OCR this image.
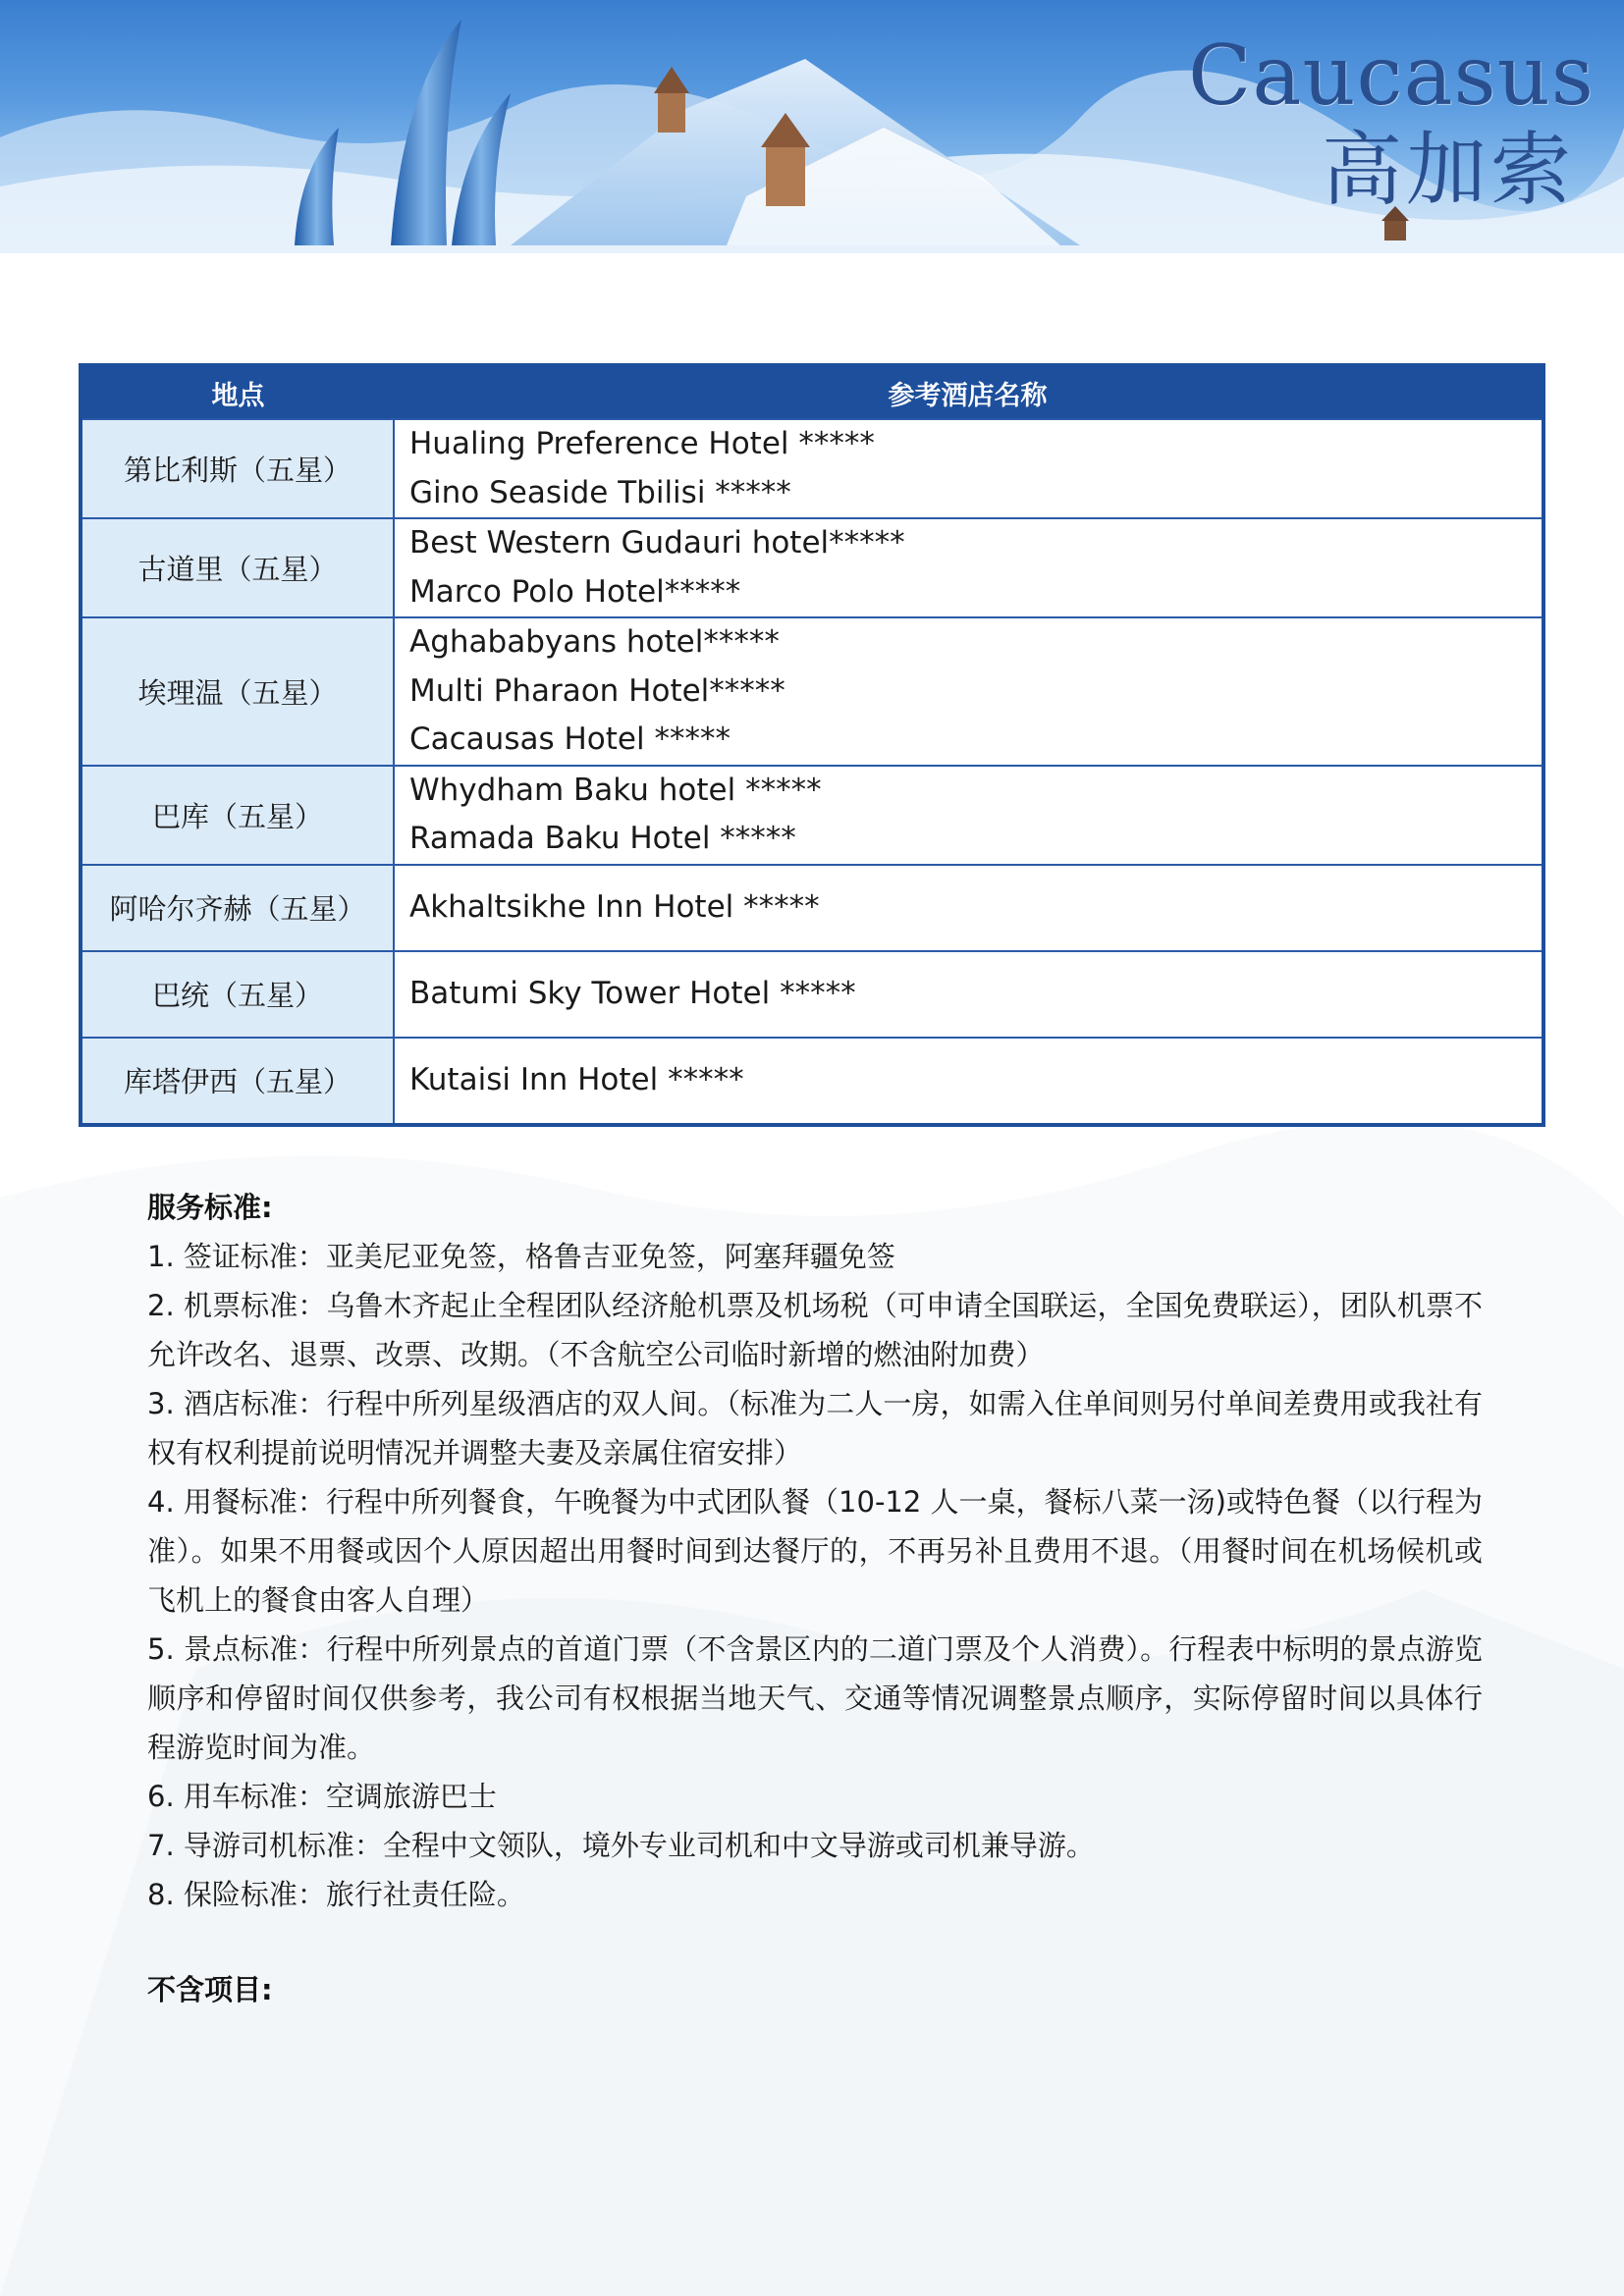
Caucasus
高加索
地点	参考酒店名称
第比利斯（五星）	Hualing Preference Hotel *****
Gino Seaside Tbilisi *****

古道里（五星）	Best Western Gudauri hotel*****
Marco Polo Hotel*****

埃理温（五星）	Aghababyans hotel*****
Multi Pharaon Hotel*****
Cacausas Hotel *****

巴库（五星）	Whydham Baku hotel *****
Ramada Baku Hotel *****

阿哈尔齐赫（五星）	Akhaltsikhe Inn Hotel *****

巴统（五星）	Batumi Sky Tower Hotel *****

库塔伊西（五星）	Kutaisi Inn Hotel *****
服务标准:
1. 签证标准：亚美尼亚免签，格鲁吉亚免签，阿塞拜疆免签
2. 机票标准：乌鲁木齐起止全程团队经济舱机票及机场税（可申请全国联运，全国免费联运），团队机票不允许改名、退票、改票、改期。（不含航空公司临时新增的燃油附加费）
3. 酒店标准：行程中所列星级酒店的双人间。（标准为二人一房，如需入住单间则另付单间差费用或我社有权有权利提前说明情况并调整夫妻及亲属住宿安排）
4. 用餐标准：行程中所列餐食，午晚餐为中式团队餐（10-12 人一桌，餐标八菜一汤)或特色餐（以行程为准）。如果不用餐或因个人原因超出用餐时间到达餐厅的，不再另补且费用不退。（用餐时间在机场候机或飞机上的餐食由客人自理）
5. 景点标准：行程中所列景点的首道门票（不含景区内的二道门票及个人消费）。行程表中标明的景点游览顺序和停留时间仅供参考，我公司有权根据当地天气、交通等情况调整景点顺序，实际停留时间以具体行程游览时间为准。
6. 用车标准：空调旅游巴士
7. 导游司机标准：全程中文领队，境外专业司机和中文导游或司机兼导游。
8. 保险标准：旅行社责任险。
不含项目:
